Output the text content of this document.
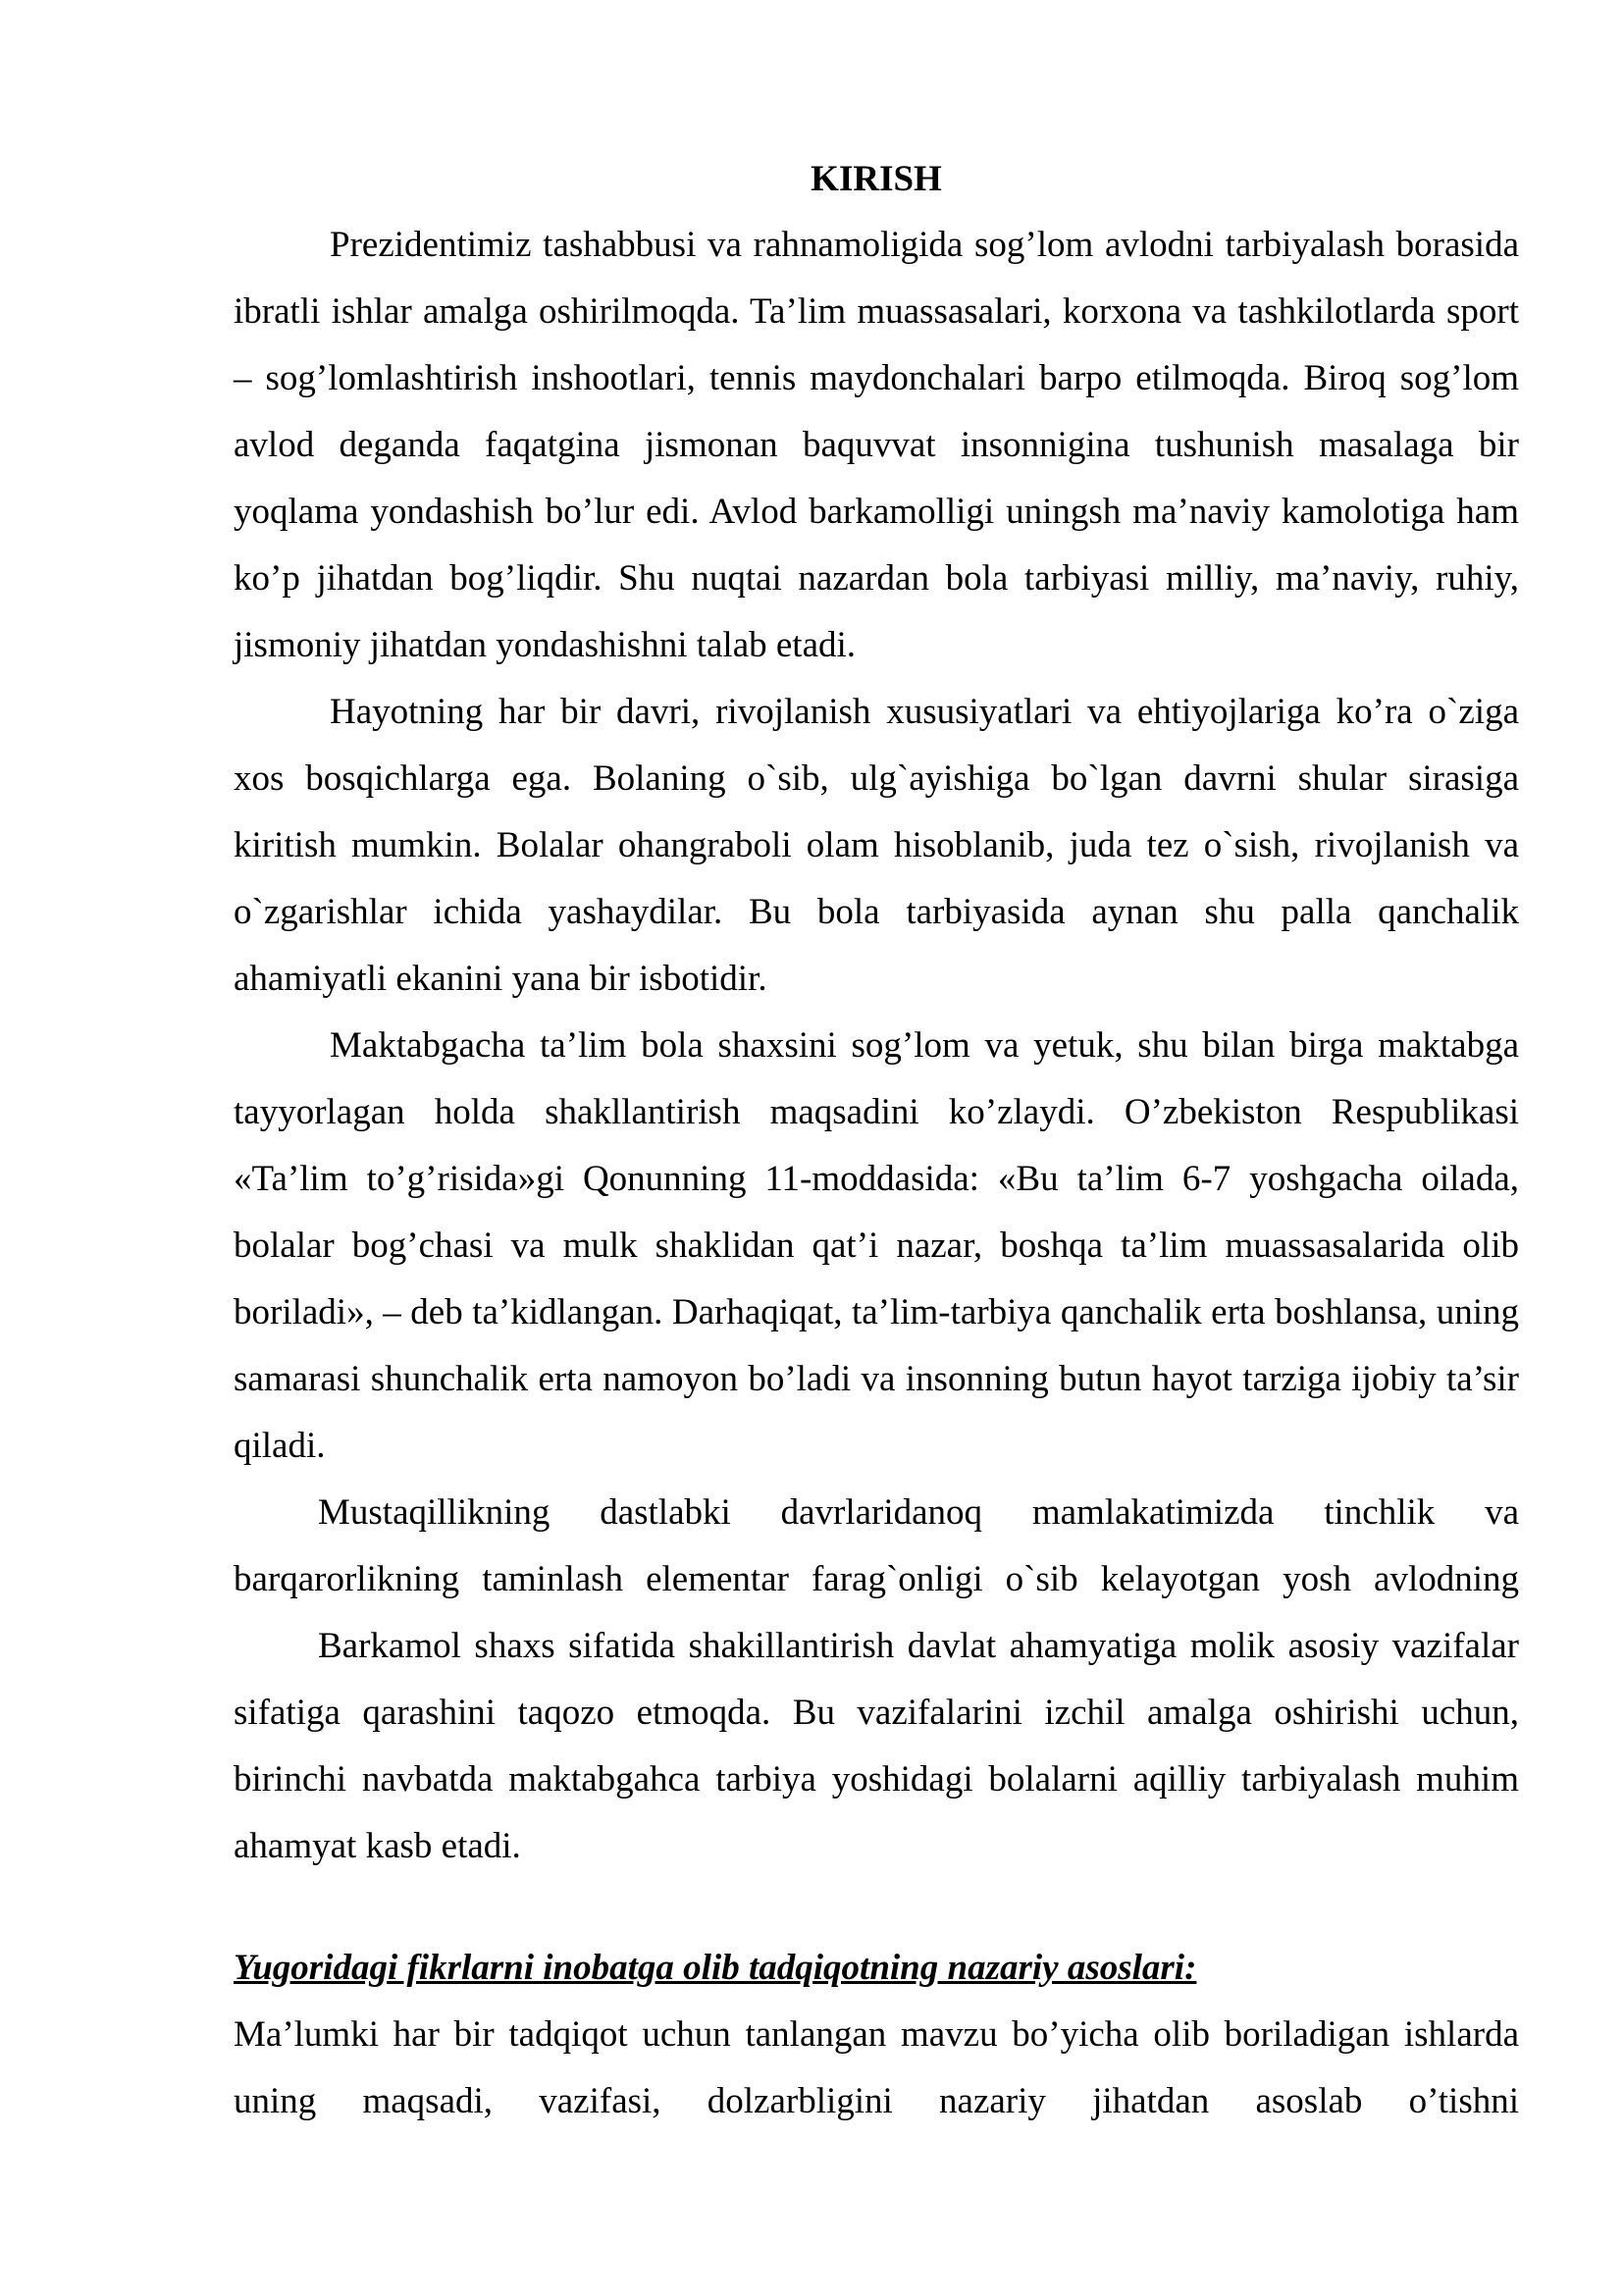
KIRISH

Prezidentimiz tashabbusi va rahnamoligida sog’lom avlodni tarbiyalash borasida ibratli ishlar amalga oshirilmoqda. Ta’lim muassasalari, korxona va tashkilotlarda sport – sog’lomlashtirish inshootlari, tennis maydonchalari barpo etilmoqda. Biroq sog’lom avlod deganda faqatgina jismonan baquvvat insonnigina tushunish masalaga bir yoqlama yondashish bo’lur edi. Avlod barkamolligi uningsh ma’naviy kamolotiga ham ko’p jihatdan bog’liqdir. Shu nuqtai nazardan bola tarbiyasi milliy, ma’naviy, ruhiy, jismoniy jihatdan yondashishni talab etadi.

Hayotning har bir davri, rivojlanish xususiyatlari va ehtiyojlariga ko’ra o`ziga xos bosqichlarga ega. Bolaning o`sib, ulg`ayishiga bo`lgan davrni shular sirasiga kiritish mumkin. Bolalar ohangraboli olam hisoblanib, juda tez o`sish, rivojlanish va o`zgarishlar ichida yashaydilar. Bu bola tarbiyasida aynan shu palla qanchalik ahamiyatli ekanini yana bir isbotidir.

Maktabgacha ta’lim bola shaxsini sog’lom va yetuk, shu bilan birga maktabga tayyorlagan holda shakllantirish maqsadini ko’zlaydi. O’zbekiston Respublikasi «Ta’lim to’g’risida»gi Qonunning 11-moddasida: «Bu ta’lim 6-7 yoshgacha oilada, bolalar bog’chasi va mulk shaklidan qat’i nazar, boshqa ta’lim muassasalarida olib boriladi», – deb ta’kidlangan. Darhaqiqat, ta’lim-tarbiya qanchalik erta boshlansa, uning samarasi shunchalik erta namoyon bo’ladi va insonning butun hayot tarziga ijobiy ta’sir qiladi.

Mustaqillikning dastlabki davrlaridanoq mamlakatimizda tinchlik va barqarorlikning taminlash elementar farag`onligi o`sib kelayotgan yosh avlodning

Barkamol shaxs sifatida shakillantirish davlat ahamyatiga molik asosiy vazifalar sifatiga qarashini taqozo etmoqda. Bu vazifalarini izchil amalga oshirishi uchun, birinchi navbatda maktabgahca tarbiya yoshidagi bolalarni aqilliy tarbiyalash muhim ahamyat kasb etadi.

Yugoridagi fikrlarni inobatga olib tadqiqotning nazariy asoslari:

Ma’lumki har bir tadqiqot uchun tanlangan mavzu bo’yicha olib boriladigan ishlarda uning maqsadi, vazifasi, dolzarbligini nazariy jihatdan asoslab o’tishni
